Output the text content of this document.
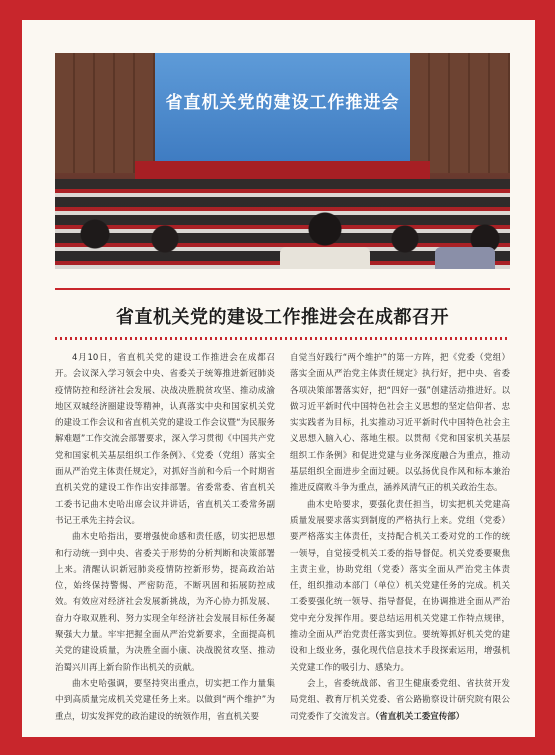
省直机关党的建设工作推进会
省直机关党的建设工作推进会在成都召开

4月10日，省直机关党的建设工作推进会在成都召开。会议深入学习领会中央、省委关于统筹推进新冠肺炎疫情防控和经济社会发展、决战决胜脱贫攻坚、推动成渝地区双城经济圈建设等精神，认真落实中央和国家机关党的建设工作会议和省直机关党的建设工作会议暨“为民服务解难题”工作交流会部署要求，深入学习贯彻《中国共产党党和国家机关基层组织工作条例》、《党委（党组）落实全面从严治党主体责任规定》，对抓好当前和今后一个时期省直机关党的建设工作作出安排部署。省委常委、省直机关工委书记曲木史哈出席会议并讲话，省直机关工委常务副书记王承先主持会议。

曲木史哈指出，要增强使命感和责任感，切实把思想和行动统一到中央、省委关于形势的分析判断和决策部署上来。清醒认识新冠肺炎疫情防控新形势，提高政治站位，始终保持警惕、严密防范，不断巩固和拓展防控成效。有效应对经济社会发展新挑战，为齐心协力抓发展、奋力夺取双胜利、努力实现全年经济社会发展目标任务凝聚强大力量。牢牢把握全面从严治党新要求，全面提高机关党的建设质量，为决胜全面小康、决战脱贫攻坚、推动治蜀兴川再上新台阶作出机关的贡献。

曲木史哈强调，要坚持突出重点，切实把工作力量集中到高质量完成机关党建任务上来。以做到“两个维护”为重点，切实发挥党的政治建设的统领作用，省直机关要

自觉当好践行“两个维护”的第一方阵，把《党委（党组）落实全面从严治党主体责任规定》执行好，把中央、省委各项决策部署落实好，把“四好一强”创建活动推进好。以做习近平新时代中国特色社会主义思想的坚定信仰者、忠实实践者为目标，扎实推动习近平新时代中国特色社会主义思想入脑入心、落地生根。以贯彻《党和国家机关基层组织工作条例》和促进党建与业务深度融合为重点，推动基层组织全面进步全面过硬。以弘扬优良作风和标本兼治推进反腐败斗争为重点，涵养风清气正的机关政治生态。

曲木史哈要求，要强化责任担当，切实把机关党建高质量发展要求落实到制度的严格执行上来。党组（党委）要严格落实主体责任，支持配合机关工委对党的工作的统一领导，自觉接受机关工委的指导督促。机关党委要聚焦主责主业，协助党组（党委）落实全面从严治党主体责任，组织推动本部门（单位）机关党建任务的完成。机关工委要强化统一领导、指导督促，在协调推进全面从严治党中充分发挥作用。要总结运用机关党建工作特点规律，推动全面从严治党责任落实到位。要统筹抓好机关党的建设和上级业务，强化现代信息技术手段探索运用，增强机关党建工作的吸引力、感染力。

会上，省委统战部、省卫生健康委党组、省扶贫开发局党组、教育厅机关党委、省公路勘察设计研究院有限公司党委作了交流发言。（省直机关工委宣传部）
